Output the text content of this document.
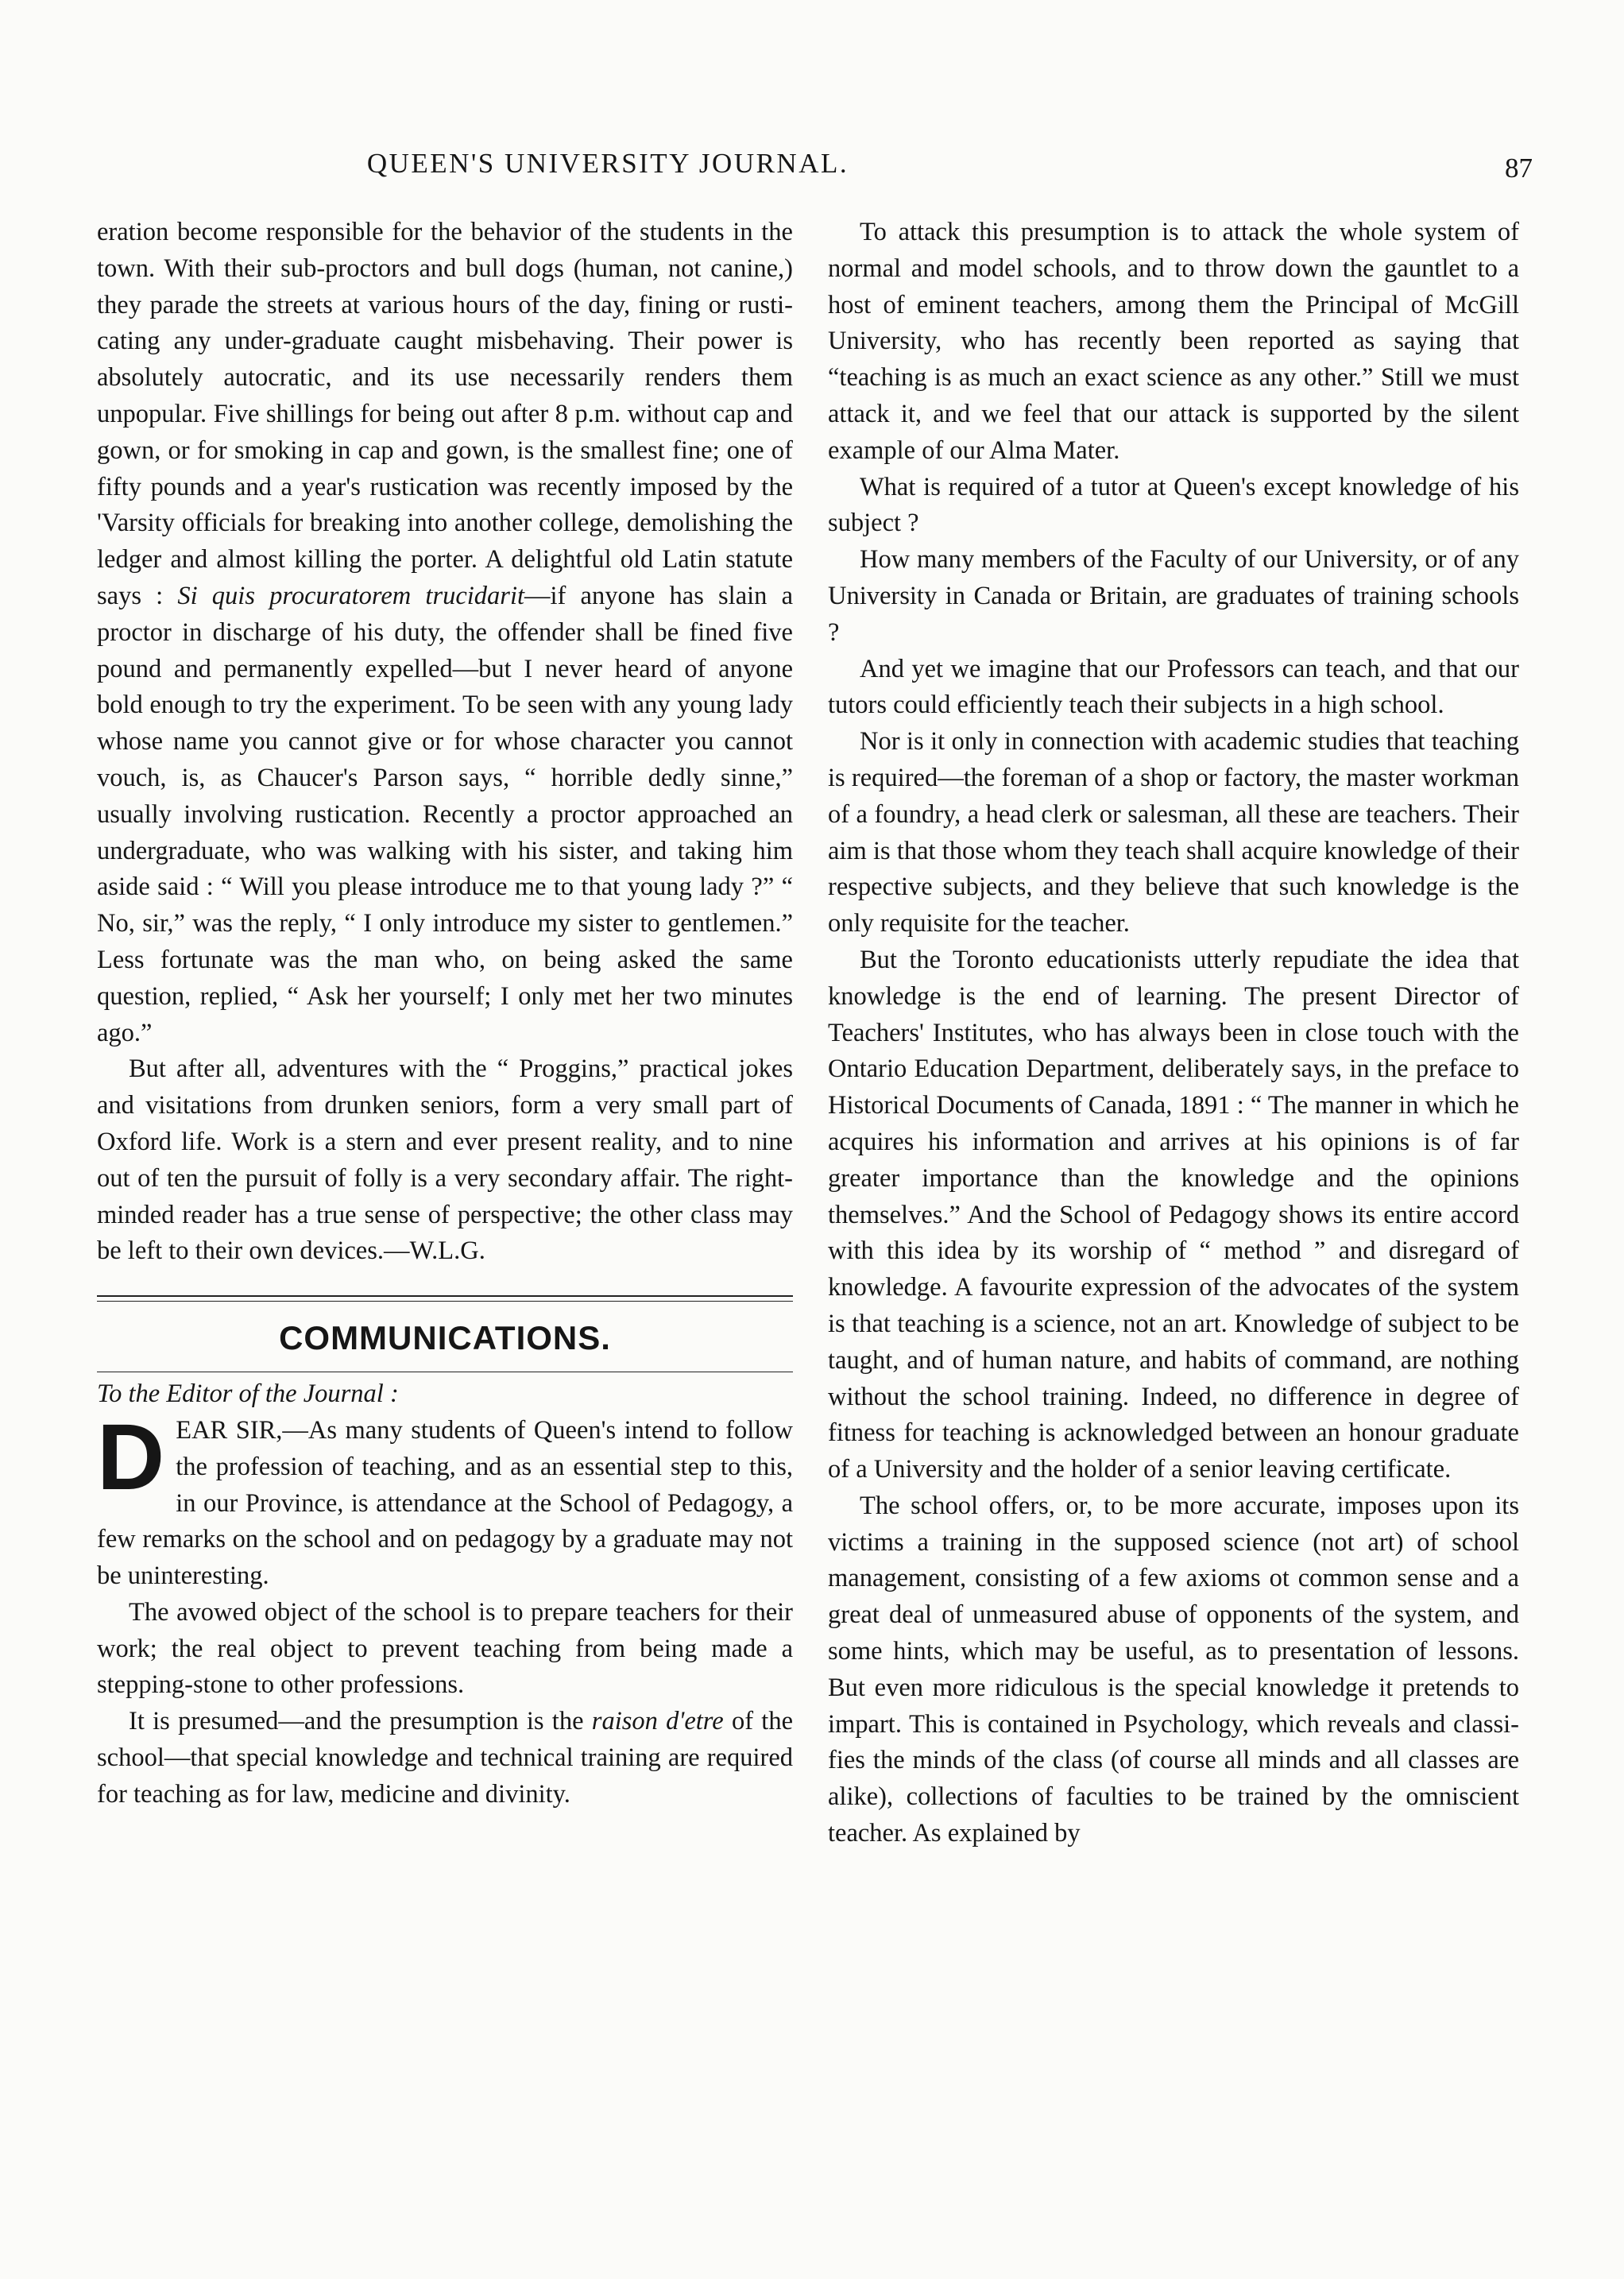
QUEEN'S UNIVERSITY JOURNAL.	87

eration become responsible for the behavior of the students in the town. With their sub-proctors and bull dogs (human, not canine,) they parade the streets at various hours of the day, fining or rusticating any under-graduate caught misbehaving. Their power is absolutely autocratic, and its use necessarily renders them unpopular. Five shillings for being out after 8 p.m. without cap and gown, or for smoking in cap and gown, is the smallest fine; one of fifty pounds and a year's rustication was recently imposed by the 'Varsity officials for breaking into another college, demolishing the ledger and almost killing the porter. A delightful old Latin statute says : Si quis procuratorem trucidarit—if anyone has slain a proctor in discharge of his duty, the offender shall be fined five pound and permanently expelled—but I never heard of anyone bold enough to try the experiment. To be seen with any young lady whose name you cannot give or for whose character you cannot vouch, is, as Chaucer's Parson says, “ horrible dedly sinne,” usually involving rustication. Recently a proctor approached an undergraduate, who was walking with his sister, and taking him aside said : “ Will you please introduce me to that young lady ?” “ No, sir,” was the reply, “ I only introduce my sister to gentlemen.” Less fortunate was the man who, on being asked the same question, replied, “ Ask her yourself; I only met her two minutes ago.”

But after all, adventures with the “ Proggins,” practical jokes and visitations from drunken seniors, form a very small part of Oxford life. Work is a stern and ever present reality, and to nine out of ten the pursuit of folly is a very secondary affair. The right-minded reader has a true sense of perspective; the other class may be left to their own devices.—W.L.G.

COMMUNICATIONS.

To the Editor of the Journal :

DEAR SIR,—As many students of Queen's intend to follow the profession of teaching, and as an essential step to this, in our Province, is attendance at the School of Pedagogy, a few remarks on the school and on pedagogy by a graduate may not be uninteresting.

The avowed object of the school is to prepare teachers for their work; the real object to prevent teaching from being made a stepping-stone to other professions.

It is presumed—and the presumption is the raison d'etre of the school—that special knowledge and technical training are required for teaching as for law, medicine and divinity.

To attack this presumption is to attack the whole system of normal and model schools, and to throw down the gauntlet to a host of eminent teachers, among them the Principal of McGill University, who has recently been reported as saying that “teaching is as much an exact science as any other.” Still we must attack it, and we feel that our attack is supported by the silent example of our Alma Mater.

What is required of a tutor at Queen's except knowledge of his subject ?

How many members of the Faculty of our University, or of any University in Canada or Britain, are graduates of training schools ?

And yet we imagine that our Professors can teach, and that our tutors could efficiently teach their subjects in a high school.

Nor is it only in connection with academic studies that teaching is required—the foreman of a shop or factory, the master workman of a foundry, a head clerk or salesman, all these are teachers. Their aim is that those whom they teach shall acquire knowledge of their respective subjects, and they believe that such knowledge is the only requisite for the teacher.

But the Toronto educationists utterly repudiate the idea that knowledge is the end of learning. The present Director of Teachers' Institutes, who has always been in close touch with the Ontario Education Department, deliberately says, in the preface to Historical Documents of Canada, 1891 : “ The manner in which he acquires his information and arrives at his opinions is of far greater importance than the knowledge and the opinions themselves.” And the School of Pedagogy shows its entire accord with this idea by its worship of “ method ” and disregard of knowledge. A favourite expression of the advocates of the system is that teaching is a science, not an art. Knowledge of subject to be taught, and of human nature, and habits of command, are nothing without the school training. Indeed, no difference in degree of fitness for teaching is acknowledged between an honour graduate of a University and the holder of a senior leaving certificate.

The school offers, or, to be more accurate, imposes upon its victims a training in the supposed science (not art) of school management, consisting of a few axioms ot common sense and a great deal of unmeasured abuse of opponents of the system, and some hints, which may be useful, as to presentation of lessons. But even more ridiculous is the special knowledge it pretends to impart. This is contained in Psychology, which reveals and classifies the minds of the class (of course all minds and all classes are alike), collections of faculties to be trained by the omniscient teacher. As explained by
